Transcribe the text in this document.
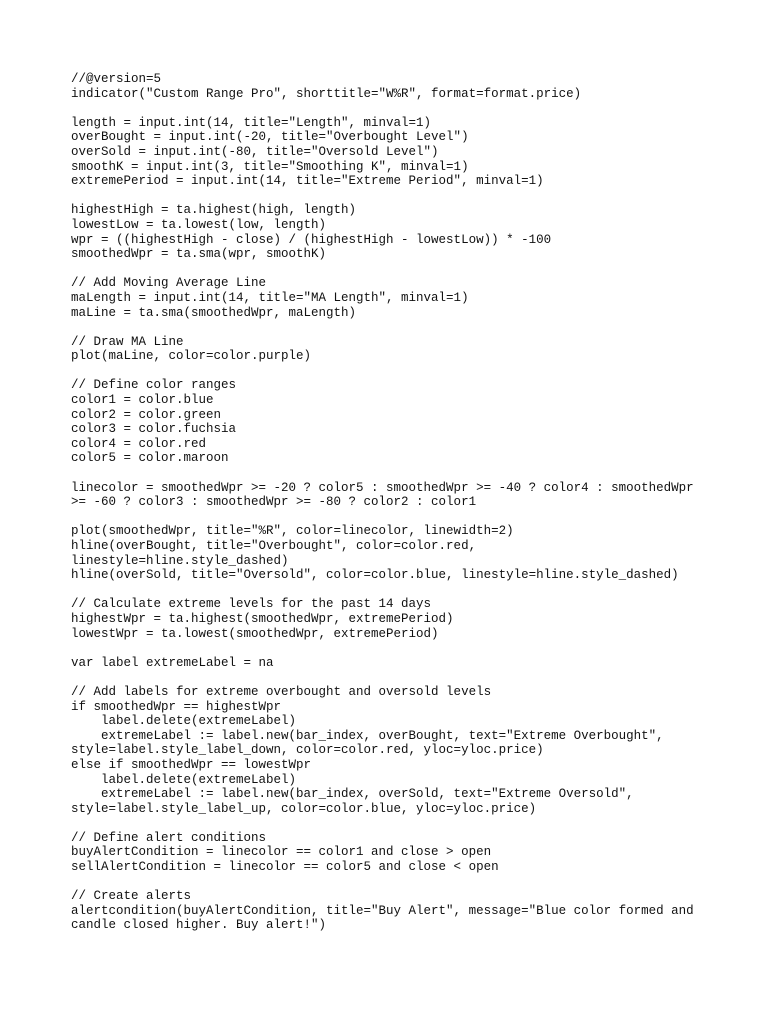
//@version=5
indicator("Custom Range Pro", shorttitle="W%R", format=format.price)
length = input.int(14, title="Length", minval=1)
overBought = input.int(-20, title="Overbought Level")
overSold = input.int(-80, title="Oversold Level")
smoothK = input.int(3, title="Smoothing K", minval=1)
extremePeriod = input.int(14, title="Extreme Period", minval=1)
highestHigh = ta.highest(high, length)
lowestLow = ta.lowest(low, length)
wpr = ((highestHigh - close) / (highestHigh - lowestLow)) * -100
smoothedWpr = ta.sma(wpr, smoothK)
// Add Moving Average Line
maLength = input.int(14, title="MA Length", minval=1)
maLine = ta.sma(smoothedWpr, maLength)
// Draw MA Line
plot(maLine, color=color.purple)
// Define color ranges
color1 = color.blue
color2 = color.green
color3 = color.fuchsia
color4 = color.red
color5 = color.maroon
linecolor = smoothedWpr >= -20 ? color5 : smoothedWpr >= -40 ? color4 : smoothedWpr
>= -60 ? color3 : smoothedWpr >= -80 ? color2 : color1
plot(smoothedWpr, title="%R", color=linecolor, linewidth=2)
hline(overBought, title="Overbought", color=color.red,
linestyle=hline.style_dashed)
hline(overSold, title="Oversold", color=color.blue, linestyle=hline.style_dashed)
// Calculate extreme levels for the past 14 days
highestWpr = ta.highest(smoothedWpr, extremePeriod)
lowestWpr = ta.lowest(smoothedWpr, extremePeriod)
var label extremeLabel = na
// Add labels for extreme overbought and oversold levels
if smoothedWpr == highestWpr
label.delete(extremeLabel)
extremeLabel := label.new(bar_index, overBought, text="Extreme Overbought",
style=label.style_label_down, color=color.red, yloc=yloc.price)
else if smoothedWpr == lowestWpr
label.delete(extremeLabel)
extremeLabel := label.new(bar_index, overSold, text="Extreme Oversold",
style=label.style_label_up, color=color.blue, yloc=yloc.price)
// Define alert conditions
buyAlertCondition = linecolor == color1 and close > open
sellAlertCondition = linecolor == color5 and close < open
// Create alerts
alertcondition(buyAlertCondition, title="Buy Alert", message="Blue color formed and
candle closed higher. Buy alert!")
